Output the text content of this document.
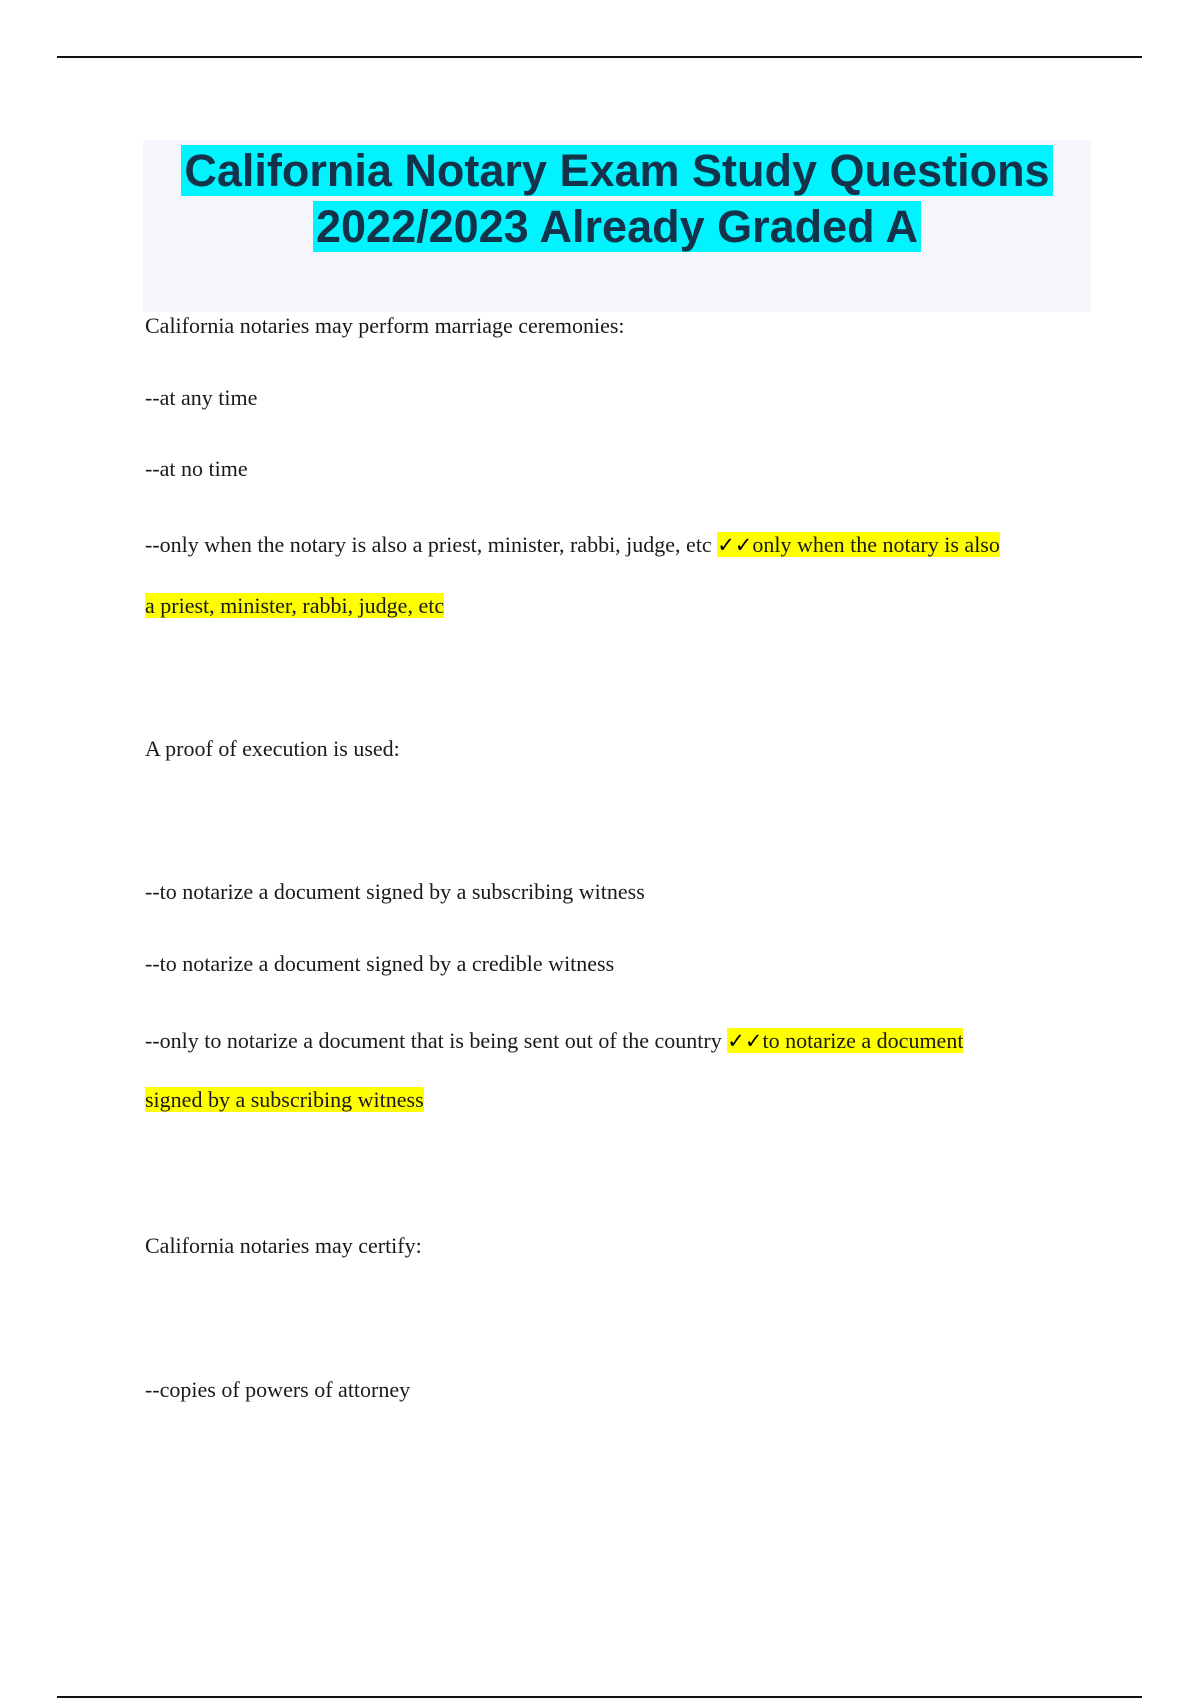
California Notary Exam Study Questions
2022/2023 Already Graded A

California notaries may perform marriage ceremonies:

--at any time

--at no time

--only when the notary is also a priest, minister, rabbi, judge, etc ✓✓only when the notary is also

a priest, minister, rabbi, judge, etc

A proof of execution is used:

--to notarize a document signed by a subscribing witness

--to notarize a document signed by a credible witness

--only to notarize a document that is being sent out of the country ✓✓to notarize a document

signed by a subscribing witness

California notaries may certify:

--copies of powers of attorney
